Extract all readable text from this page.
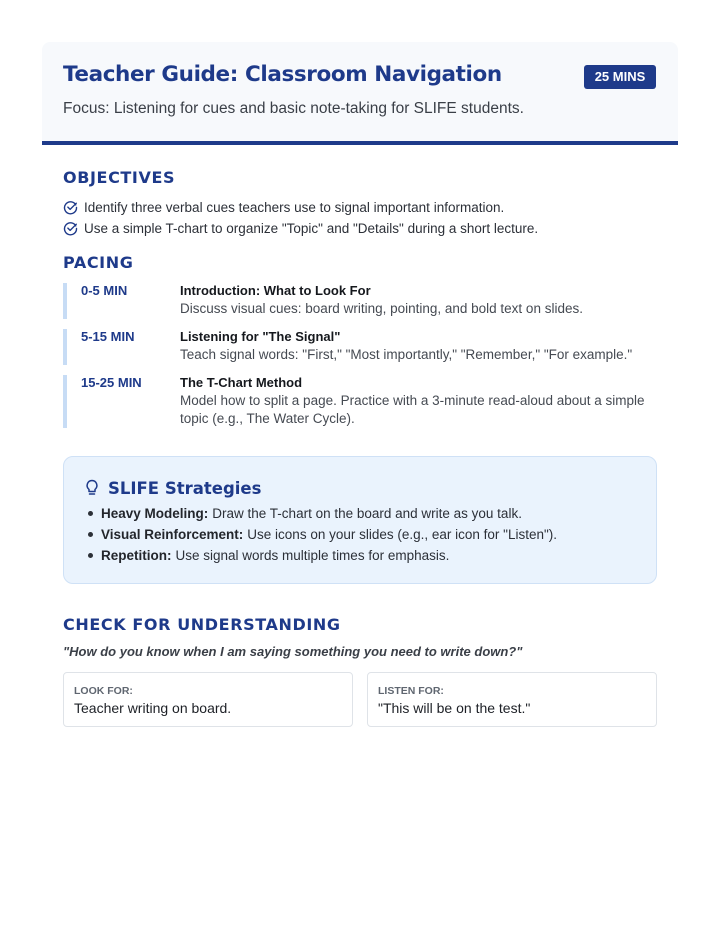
Teacher Guide: Classroom Navigation	25 MINS
Focus: Listening for cues and basic note-taking for SLIFE students.
OBJECTIVES
Identify three verbal cues teachers use to signal important information.
Use a simple T-chart to organize "Topic" and "Details" during a short lecture.
PACING
0-5 MIN	Introduction: What to Look For
Discuss visual cues: board writing, pointing, and bold text on slides.
5-15 MIN	Listening for "The Signal"
Teach signal words: "First," "Most importantly," "Remember," "For example."
15-25 MIN	The T-Chart Method
Model how to split a page. Practice with a 3-minute read-aloud about a simple topic (e.g., The Water Cycle).
SLIFE Strategies
Heavy Modeling: Draw the T-chart on the board and write as you talk.
Visual Reinforcement: Use icons on your slides (e.g., ear icon for "Listen").
Repetition: Use signal words multiple times for emphasis.
CHECK FOR UNDERSTANDING
"How do you know when I am saying something you need to write down?"
LOOK FOR:
Teacher writing on board.
LISTEN FOR:
"This will be on the test."
